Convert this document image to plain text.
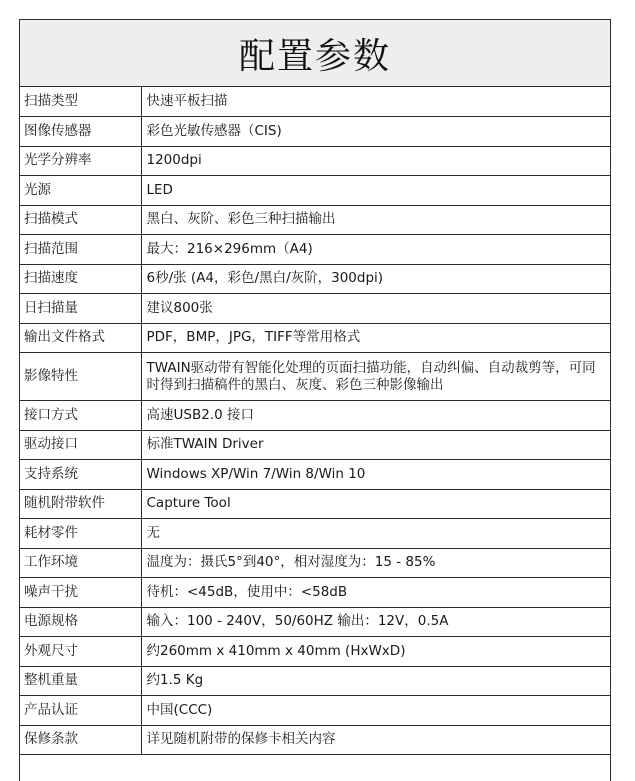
配置参数
扫描类型	快速平板扫描
图像传感器	彩色光敏传感器（CIS)
光学分辨率	1200dpi
光源	LED
扫描模式	黑白、灰阶、彩色三种扫描输出
扫描范围	最大：216×296mm（A4)
扫描速度	6秒/张 (A4，彩色/黑白/灰阶，300dpi)
日扫描量	建议800张
输出文件格式	PDF，BMP，JPG，TIFF等常用格式
影像特性	TWAIN驱动带有智能化处理的页面扫描功能，自动纠偏、自动裁剪等，可同时得到扫描稿件的黑白、灰度、彩色三种影像输出
接口方式	高速USB2.0 接口
驱动接口	标准TWAIN Driver
支持系统	Windows XP/Win 7/Win 8/Win 10
随机附带软件	Capture Tool
耗材零件	无
工作环境	温度为：摄氏5°到40°，相对湿度为：15 - 85%
噪声干扰	待机：<45dB，使用中：<58dB
电源规格	输入：100 - 240V，50/60HZ 输出：12V，0.5A
外观尺寸	约260mm x 410mm x 40mm (HxWxD)
整机重量	约1.5 Kg
产品认证	中国(CCC)
保修条款	详见随机附带的保修卡相关内容
